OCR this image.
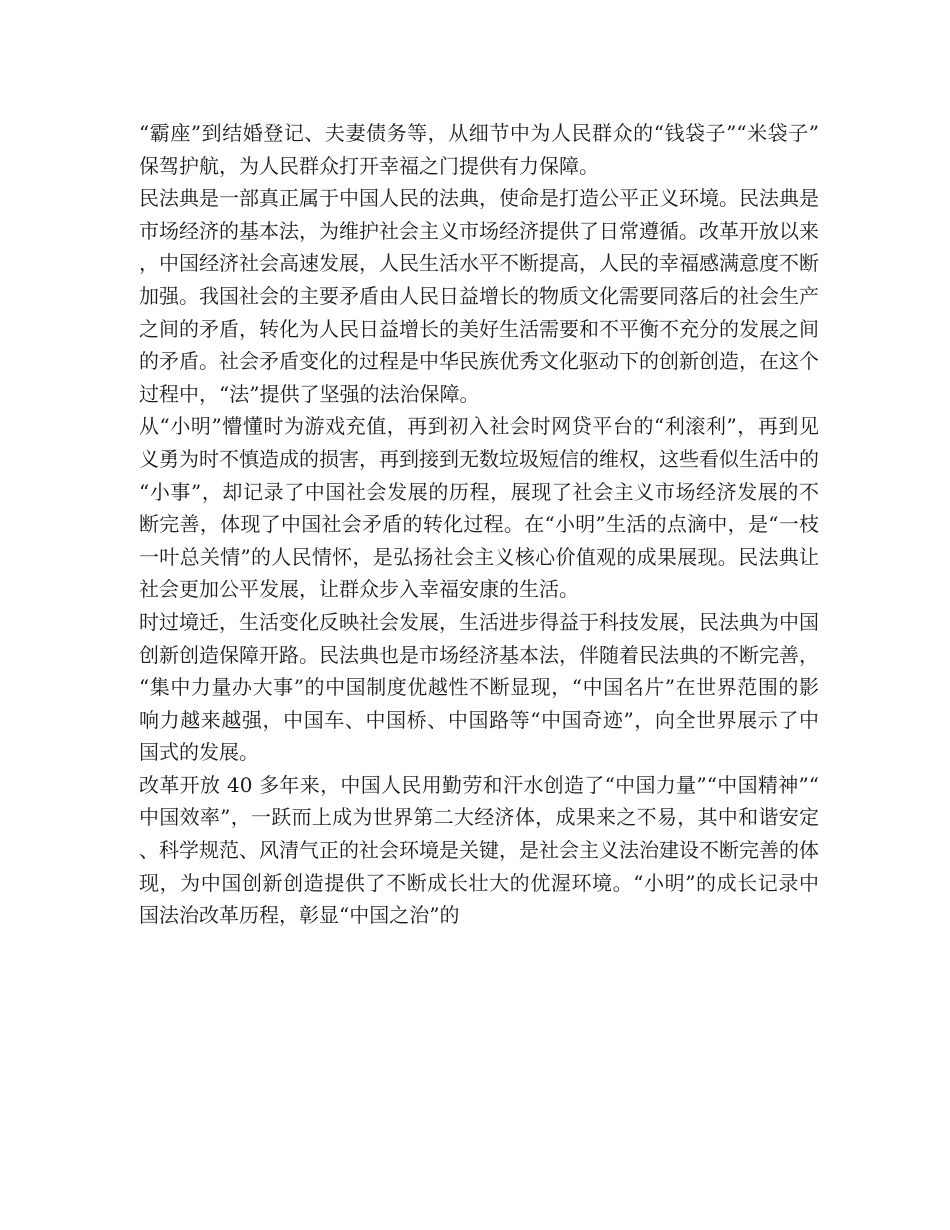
“霸座”到结婚登记、夫妻债务等，从细节中为人民群众的“钱袋子”“米袋子”保驾护航，为人民群众打开幸福之门提供有力保障。

民法典是一部真正属于中国人民的法典，使命是打造公平正义环境。民法典是市场经济的基本法，为维护社会主义市场经济提供了日常遵循。改革开放以来，中国经济社会高速发展，人民生活水平不断提高，人民的幸福感满意度不断加强。我国社会的主要矛盾由人民日益增长的物质文化需要同落后的社会生产之间的矛盾，转化为人民日益增长的美好生活需要和不平衡不充分的发展之间的矛盾。社会矛盾变化的过程是中华民族优秀文化驱动下的创新创造，在这个过程中，“法”提供了坚强的法治保障。

从“小明”懵懂时为游戏充值，再到初入社会时网贷平台的“利滚利”，再到见义勇为时不慎造成的损害，再到接到无数垃圾短信的维权，这些看似生活中的“小事”，却记录了中国社会发展的历程，展现了社会主义市场经济发展的不断完善，体现了中国社会矛盾的转化过程。在“小明”生活的点滴中，是“一枝一叶总关情”的人民情怀，是弘扬社会主义核心价值观的成果展现。民法典让社会更加公平发展，让群众步入幸福安康的生活。

时过境迁，生活变化反映社会发展，生活进步得益于科技发展，民法典为中国创新创造保障开路。民法典也是市场经济基本法，伴随着民法典的不断完善，“集中力量办大事”的中国制度优越性不断显现，“中国名片”在世界范围的影响力越来越强，中国车、中国桥、中国路等“中国奇迹”，向全世界展示了中国式的发展。

改革开放 40 多年来，中国人民用勤劳和汗水创造了“中国力量”“中国精神”“中国效率”，一跃而上成为世界第二大经济体，成果来之不易，其中和谐安定、科学规范、风清气正的社会环境是关键，是社会主义法治建设不断完善的体现，为中国创新创造提供了不断成长壮大的优渥环境。“小明”的成长记录中国法治改革历程，彰显“中国之治”的
